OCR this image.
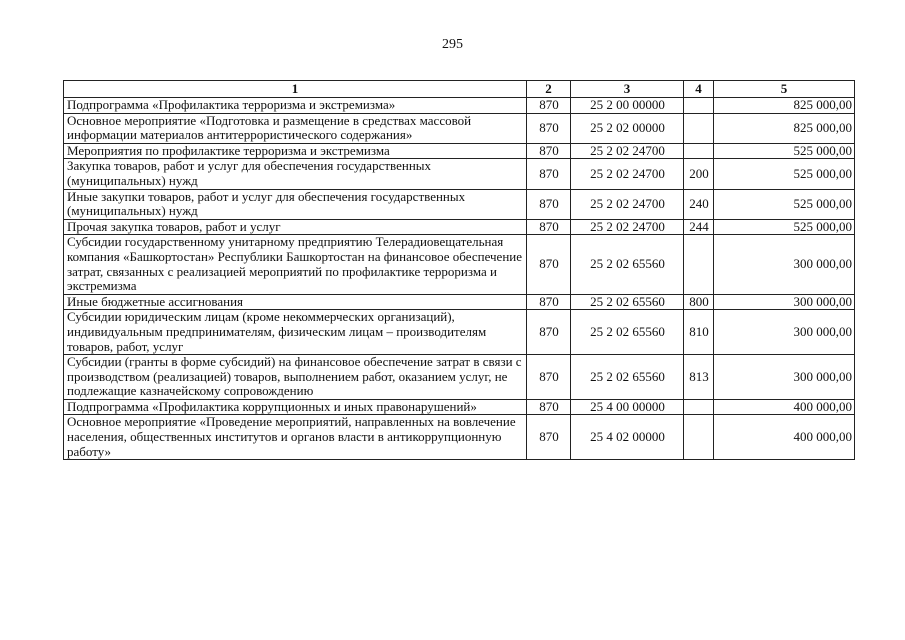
295
1	2	3	4	5
Подпрограмма «Профилактика терроризма и экстремизма»	870	25 2 00 00000		825 000,00
Основное мероприятие «Подготовка и размещение в средствах массовой информации материалов антитеррористического содержания»	870	25 2 02 00000		825 000,00
Мероприятия по профилактике терроризма и экстремизма	870	25 2 02 24700		525 000,00
Закупка товаров, работ и услуг для обеспечения государственных (муниципальных) нужд	870	25 2 02 24700	200	525 000,00
Иные закупки товаров, работ и услуг для обеспечения государственных (муниципальных) нужд	870	25 2 02 24700	240	525 000,00
Прочая закупка товаров, работ и услуг	870	25 2 02 24700	244	525 000,00
Субсидии государственному унитарному предприятию Телерадиовещательная компания «Башкортостан» Республики Башкортостан на финансовое обеспечение затрат, связанных с реализацией мероприятий по профилактике терроризма и экстремизма	870	25 2 02 65560		300 000,00
Иные бюджетные ассигнования	870	25 2 02 65560	800	300 000,00
Субсидии юридическим лицам (кроме некоммерческих организаций), индивидуальным предпринимателям, физическим лицам – производителям товаров, работ, услуг	870	25 2 02 65560	810	300 000,00
Субсидии (гранты в форме субсидий) на финансовое обеспечение затрат в связи с производством (реализацией) товаров, выполнением работ, оказанием услуг, не подлежащие казначейскому сопровождению	870	25 2 02 65560	813	300 000,00
Подпрограмма «Профилактика коррупционных и иных правонарушений»	870	25 4 00 00000		400 000,00
Основное мероприятие «Проведение мероприятий, направленных на вовлечение населения, общественных институтов и органов власти в антикоррупционную работу»	870	25 4 02 00000		400 000,00
